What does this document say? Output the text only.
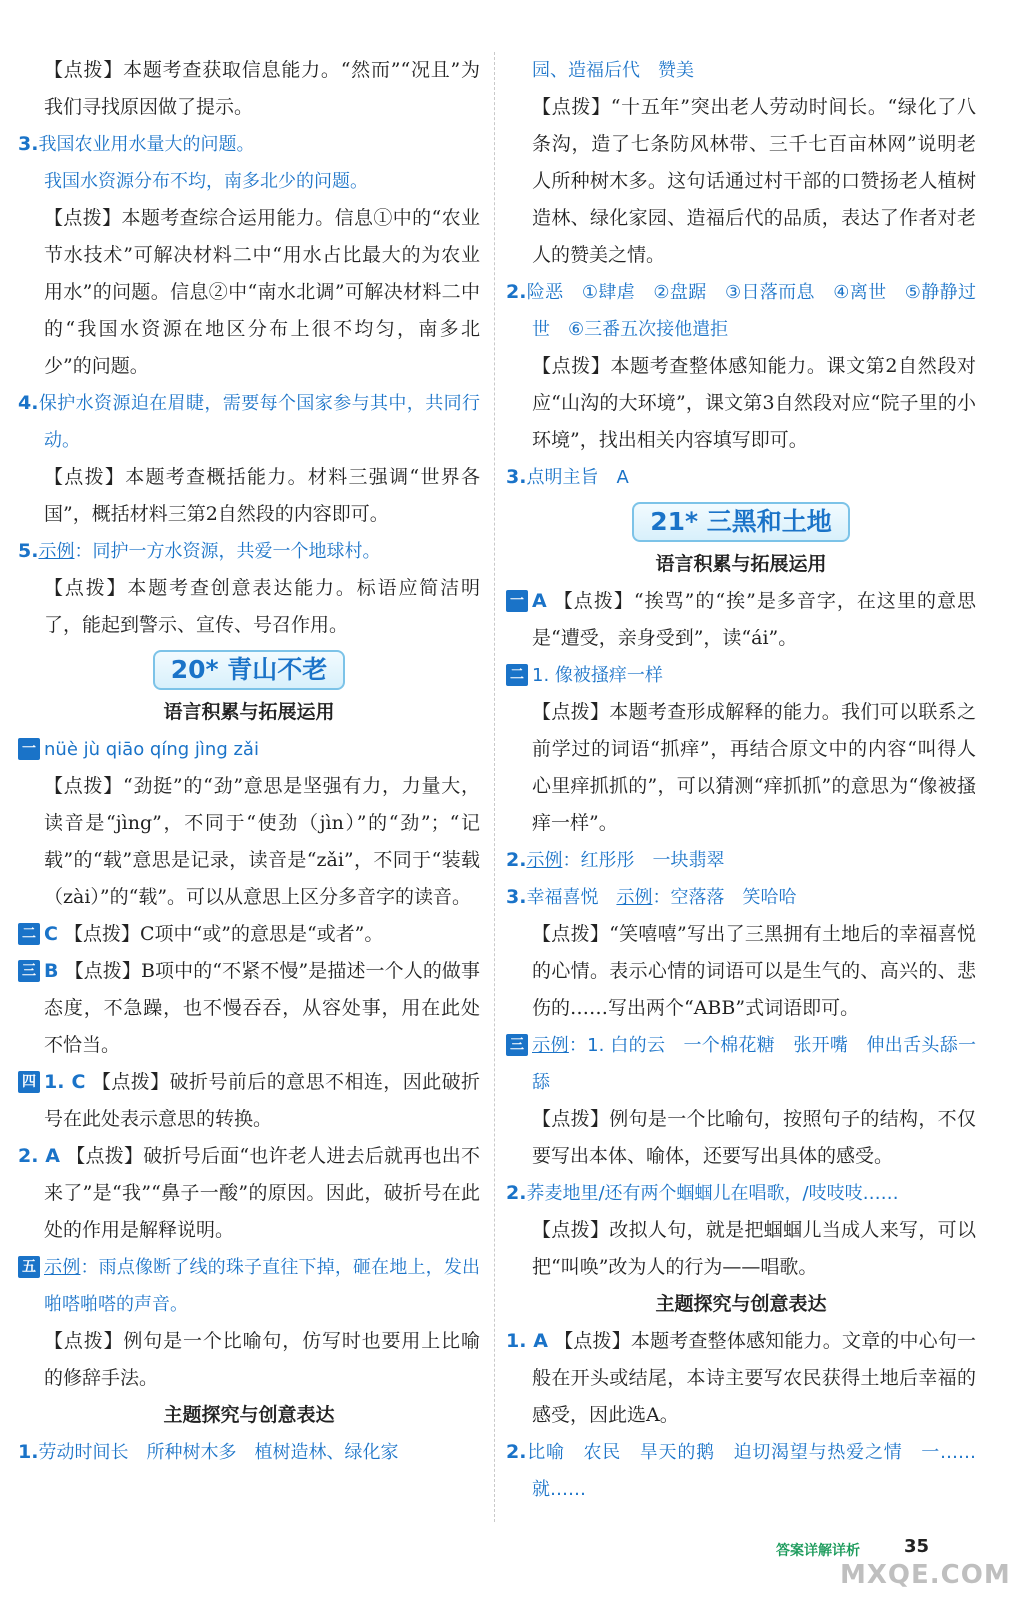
【点拨】本题考查获取信息能力。“然而”“况且”为我们寻找原因做了提示。

3.我国农业用水量大的问题。

我国水资源分布不均，南多北少的问题。

【点拨】本题考查综合运用能力。信息①中的“农业节水技术”可解决材料二中“用水占比最大的为农业用水”的问题。信息②中“南水北调”可解决材料二中的“我国水资源在地区分布上很不均匀，南多北少”的问题。

4.保护水资源迫在眉睫，需要每个国家参与其中，共同行动。

【点拨】本题考查概括能力。材料三强调“世界各国”，概括材料三第2自然段的内容即可。

5.示例：同护一方水资源，共爱一个地球村。

【点拨】本题考查创意表达能力。标语应简洁明了，能起到警示、宣传、号召作用。

20* 青山不老

语言积累与拓展运用

一 nüè jù qiāo qíng jìng zǎi

【点拨】“劲挺”的“劲”意思是坚强有力，力量大，读音是“jìng”，不同于“使劲（jìn）”的“劲”；“记载”的“载”意思是记录，读音是“zǎi”，不同于“装载（zài）”的“载”。可以从意思上区分多音字的读音。

二 C 【点拨】C项中“或”的意思是“或者”。

三 B 【点拨】B项中的“不紧不慢”是描述一个人的做事态度，不急躁，也不慢吞吞，从容处事，用在此处不恰当。

四 1. C 【点拨】破折号前后的意思不相连，因此破折号在此处表示意思的转换。

2. A 【点拨】破折号后面“也许老人进去后就再也出不来了”是“我”“鼻子一酸”的原因。因此，破折号在此处的作用是解释说明。

五 示例：雨点像断了线的珠子直往下掉，砸在地上，发出啪嗒啪嗒的声音。

【点拨】例句是一个比喻句，仿写时也要用上比喻的修辞手法。

主题探究与创意表达

1.劳动时间长　所种树木多　植树造林、绿化家

园、造福后代　赞美

【点拨】“十五年”突出老人劳动时间长。“绿化了八条沟，造了七条防风林带、三千七百亩林网”说明老人所种树木多。这句话通过村干部的口赞扬老人植树造林、绿化家园、造福后代的品质，表达了作者对老人的赞美之情。

2.险恶　①肆虐　②盘踞　③日落而息　④离世　⑤静静过世　⑥三番五次接他遣拒

【点拨】本题考查整体感知能力。课文第2自然段对应“山沟的大环境”，课文第3自然段对应“院子里的小环境”，找出相关内容填写即可。

3.点明主旨　A

21* 三黑和土地

语言积累与拓展运用

一 A 【点拨】“挨骂”的“挨”是多音字，在这里的意思是“遭受，亲身受到”，读“ái”。

二 1. 像被搔痒一样

【点拨】本题考查形成解释的能力。我们可以联系之前学过的词语“抓痒”，再结合原文中的内容“叫得人心里痒抓抓的”，可以猜测“痒抓抓”的意思为“像被搔痒一样”。

2.示例：红彤彤　一块翡翠

3.幸福喜悦　示例：空落落　笑哈哈

【点拨】“笑嘻嘻”写出了三黑拥有土地后的幸福喜悦的心情。表示心情的词语可以是生气的、高兴的、悲伤的……写出两个“ABB”式词语即可。

三 示例：1. 白的云　一个棉花糖　张开嘴　伸出舌头舔一舔

【点拨】例句是一个比喻句，按照句子的结构，不仅要写出本体、喻体，还要写出具体的感受。

2.荞麦地里/还有两个蝈蝈儿在唱歌，/吱吱吱……

【点拨】改拟人句，就是把蝈蝈儿当成人来写，可以把“叫唤”改为人的行为——唱歌。

主题探究与创意表达

1. A 【点拨】本题考查整体感知能力。文章的中心句一般在开头或结尾，本诗主要写农民获得土地后幸福的感受，因此选A。

2.比喻　农民　旱天的鹅　迫切渴望与热爱之情　一……就……

答案详解详析 35
MXQE.COM
